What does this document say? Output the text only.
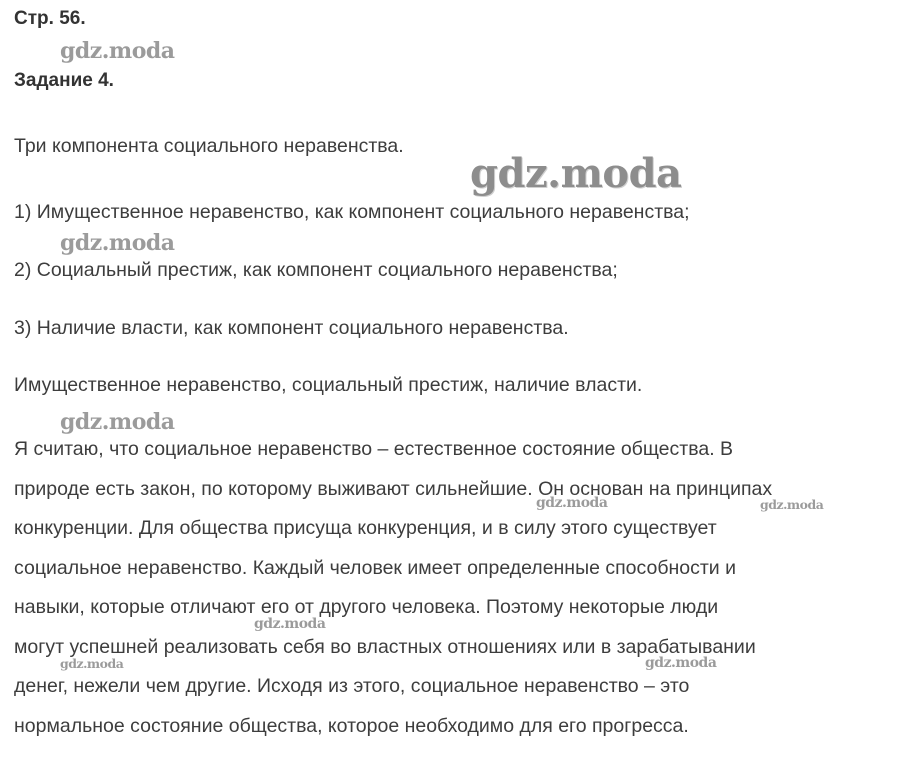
Стр. 56.
Задание 4.

Три компонента социального неравенства.

1) Имущественное неравенство, как компонент социального неравенства;

2) Социальный престиж, как компонент социального неравенства;

3) Наличие власти, как компонент социального неравенства.

Имущественное неравенство, социальный престиж, наличие власти.

Я считаю, что социальное неравенство – естественное состояние общества. В
природе есть закон, по которому выживают сильнейшие. Он основан на принципах
конкуренции. Для общества присуща конкуренция, и в силу этого существует
социальное неравенство. Каждый человек имеет определенные способности и
навыки, которые отличают его от другого человека. Поэтому некоторые люди
могут успешней реализовать себя во властных отношениях или в зарабатывании
денег, нежели чем другие. Исходя из этого, социальное неравенство – это
нормальное состояние общества, которое необходимо для его прогресса.
gdz.moda
gdz.moda
gdz.moda
gdz.moda
gdz.moda	gdz.moda
gdz.moda
gdz.moda	gdz.moda
